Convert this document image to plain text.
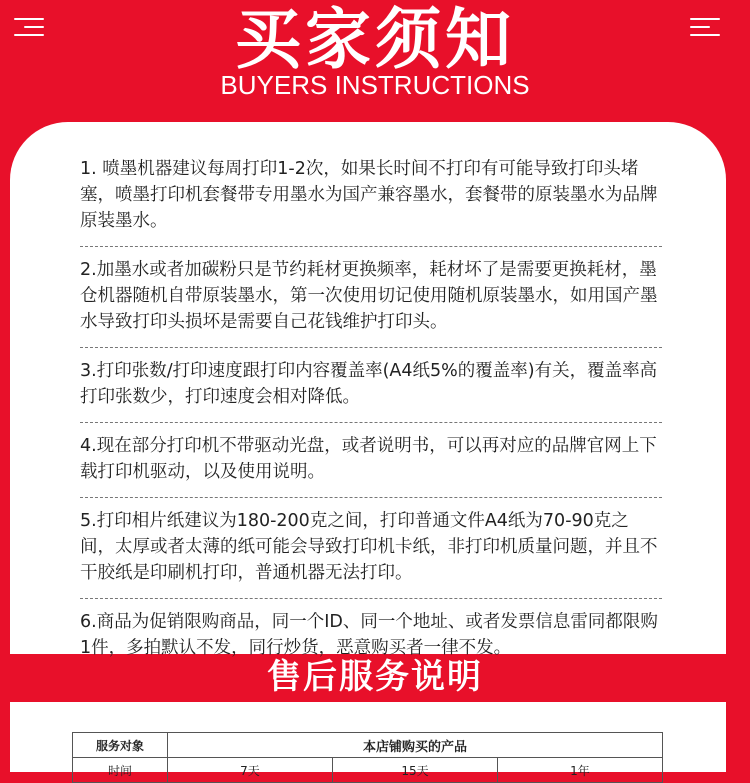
买家须知
BUYERS INSTRUCTIONS
1. 喷墨机器建议每周打印1-2次，如果长时间不打印有可能导致打印头堵塞，喷墨打印机套餐带专用墨水为国产兼容墨水，套餐带的原装墨水为品牌原装墨水。
2.加墨水或者加碳粉只是节约耗材更换频率，耗材坏了是需要更换耗材，墨仓机器随机自带原装墨水，第一次使用切记使用随机原装墨水，如用国产墨水导致打印头损坏是需要自己花钱维护打印头。
3.打印张数/打印速度跟打印内容覆盖率(A4纸5%的覆盖率)有关，覆盖率高打印张数少，打印速度会相对降低。
4.现在部分打印机不带驱动光盘，或者说明书，可以再对应的品牌官网上下载打印机驱动，以及使用说明。
5.打印相片纸建议为180-200克之间，打印普通文件A4纸为70-90克之间，太厚或者太薄的纸可能会导致打印机卡纸，非打印机质量问题，并且不干胶纸是印刷机打印，普通机器无法打印。
6.商品为促销限购商品，同一个ID、同一个地址、或者发票信息雷同都限购1件，多拍默认不发，同行炒货，恶意购买者一律不发。
售后服务说明
服务对象	本店铺购买的产品		
时间	7天	15天	1年
